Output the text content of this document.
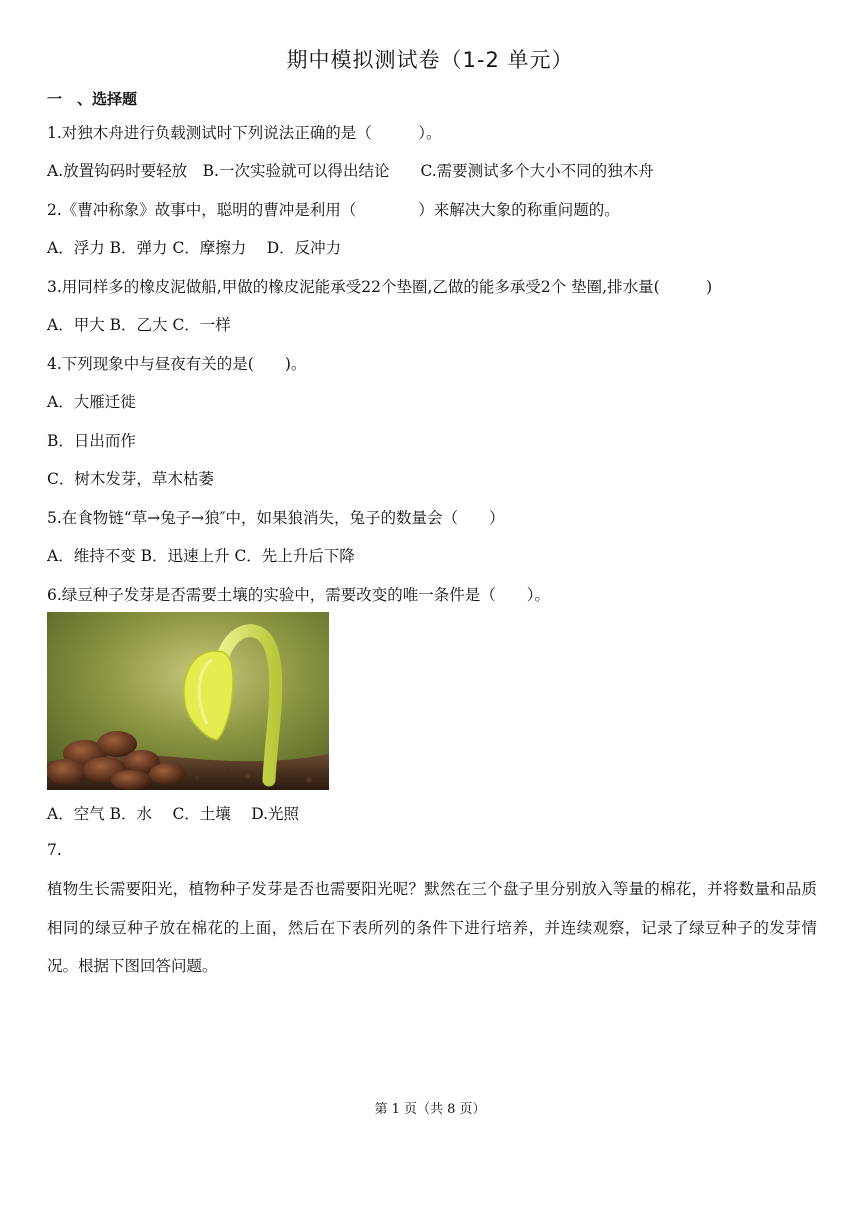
期中模拟测试卷（1-2 单元）
一　、选择题
1.对独木舟进行负载测试时下列说法正确的是（　　　）。
A.放置钩码时要轻放　B.一次实验就可以得出结论　　C.需要测试多个大小不同的独木舟
2.《曹冲称象》故事中，聪明的曹冲是利用（　　　　）来解决大象的称重问题的。
A．浮力 B．弹力 C．摩擦力　 D．反冲力
3.用同样多的橡皮泥做船,甲做的橡皮泥能承受22个垫圈,乙做的能多承受2个 垫圈,排水量(　　　)
A．甲大 B．乙大 C．一样
4.下列现象中与昼夜有关的是(　　)。
A．大雁迁徙
B．日出而作
C．树木发芽，草木枯萎
5.在食物链“草→兔子→狼″中，如果狼消失，兔子的数量会（　　）
A．维持不变 B．迅速上升 C．先上升后下降
6.绿豆种子发芽是否需要土壤的实验中，需要改变的唯一条件是（　　）。
A．空气 B．水　 C．土壤　 D.光照
7.
植物生长需要阳光，植物种子发芽是否也需要阳光呢？默然在三个盘子里分别放入等量的棉花，并将数量和品质相同的绿豆种子放在棉花的上面，然后在下表所列的条件下进行培养，并连续观察，记录了绿豆种子的发芽情况。根据下图回答问题。
第 1 页（共 8 页）
